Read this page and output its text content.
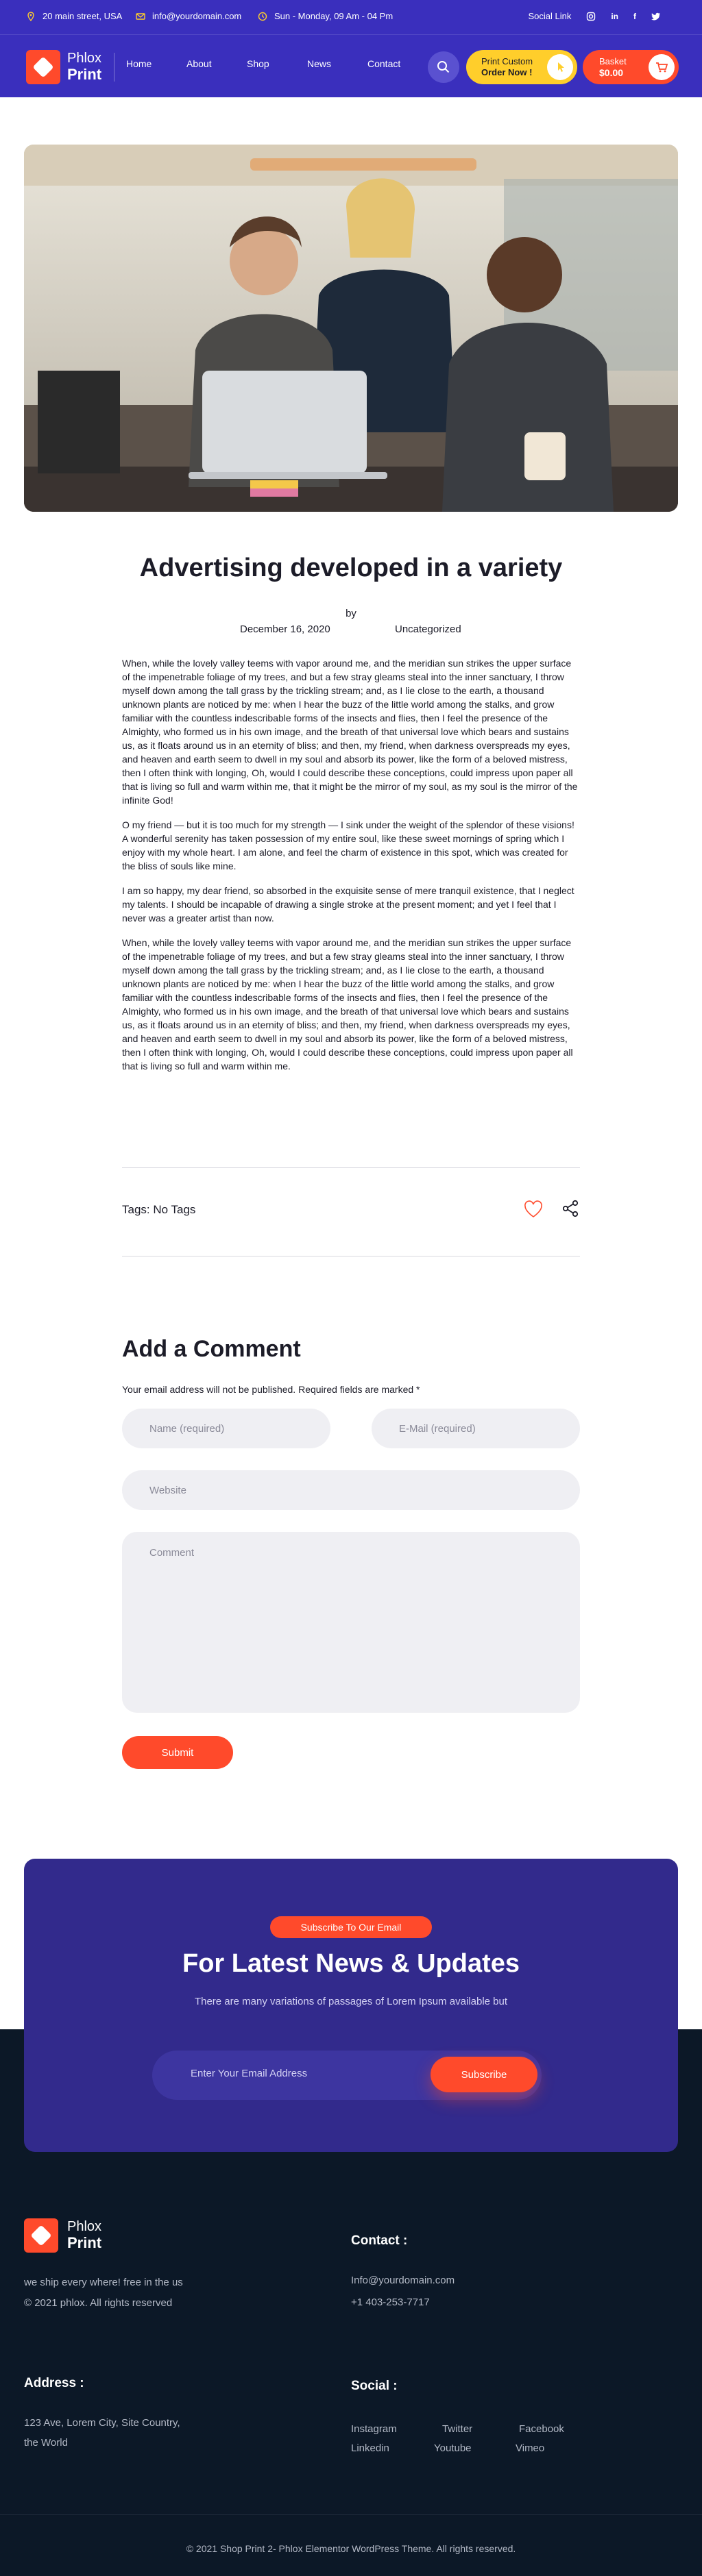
20 main street, USA	info@yourdomain.com	Sun - Monday, 09 Am - 04 Pm	Social Link	in f
Phlox
Print
Home	About	Shop	News	Contact	Print Custom
Order Now !
Basket
$0.00
Advertising developed in a variety
by
December 16, 2020	Uncategorized

When, while the lovely valley teems with vapor around me, and the meridian sun strikes the upper surface of the impenetrable foliage of my trees, and but a few stray gleams steal into the inner sanctuary, I throw myself down among the tall grass by the trickling stream; and, as I lie close to the earth, a thousand unknown plants are noticed by me: when I hear the buzz of the little world among the stalks, and grow familiar with the countless indescribable forms of the insects and flies, then I feel the presence of the Almighty, who formed us in his own image, and the breath of that universal love which bears and sustains us, as it floats around us in an eternity of bliss; and then, my friend, when darkness overspreads my eyes, and heaven and earth seem to dwell in my soul and absorb its power, like the form of a beloved mistress, then I often think with longing, Oh, would I could describe these conceptions, could impress upon paper all that is living so full and warm within me, that it might be the mirror of my soul, as my soul is the mirror of the infinite God!

O my friend — but it is too much for my strength — I sink under the weight of the splendor of these visions! A wonderful serenity has taken possession of my entire soul, like these sweet mornings of spring which I enjoy with my whole heart. I am alone, and feel the charm of existence in this spot, which was created for the bliss of souls like mine.

I am so happy, my dear friend, so absorbed in the exquisite sense of mere tranquil existence, that I neglect my talents. I should be incapable of drawing a single stroke at the present moment; and yet I feel that I never was a greater artist than now.

When, while the lovely valley teems with vapor around me, and the meridian sun strikes the upper surface of the impenetrable foliage of my trees, and but a few stray gleams steal into the inner sanctuary, I throw myself down among the tall grass by the trickling stream; and, as I lie close to the earth, a thousand unknown plants are noticed by me: when I hear the buzz of the little world among the stalks, and grow familiar with the countless indescribable forms of the insects and flies, then I feel the presence of the Almighty, who formed us in his own image, and the breath of that universal love which bears and sustains us, as it floats around us in an eternity of bliss; and then, my friend, when darkness overspreads my eyes, and heaven and earth seem to dwell in my soul and absorb its power, like the form of a beloved mistress, then I often think with longing, Oh, would I could describe these conceptions, could impress upon paper all that is living so full and warm within me.

Tags: No Tags
Add a Comment
Your email address will not be published. Required fields are marked *
Name (required)	E-Mail (required)
Website
Comment
Submit
Subscribe To Our Email
For Latest News & Updates
There are many variations of passages of Lorem Ipsum available but
Enter Your Email Address	Subscribe
Phlox
Print
we ship every where! free in the us
© 2021 phlox. All rights reserved
Contact :
Info@yourdomain.com
+1 403-253-7717
Address :
123 Ave, Lorem City, Site Country,
the World
Social :
Instagram	Twitter	Facebook
Linkedin	Youtube	Vimeo
© 2021 Shop Print 2- Phlox Elementor WordPress Theme. All rights reserved.
